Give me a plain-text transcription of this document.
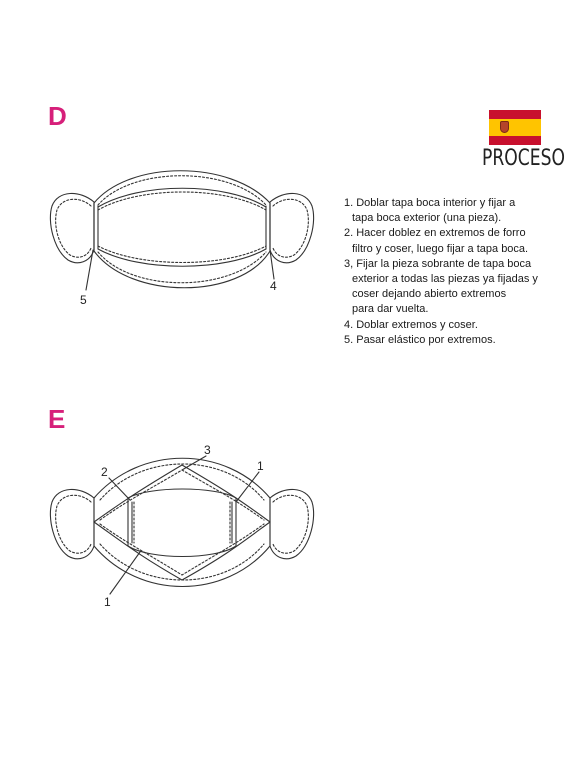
D
E
PROCESO
1. Doblar tapa boca interior y fijar a
tapa boca exterior (una pieza).
2. Hacer doblez en extremos de forro
filtro y coser, luego fijar a tapa boca.
3, Fijar la pieza sobrante de tapa boca
exterior a todas las piezas ya fijadas y
coser dejando abierto extremos
para dar vuelta.
4. Doblar extremos y coser.
5. Pasar elástico por extremos.
5
4
2
3
1
1
